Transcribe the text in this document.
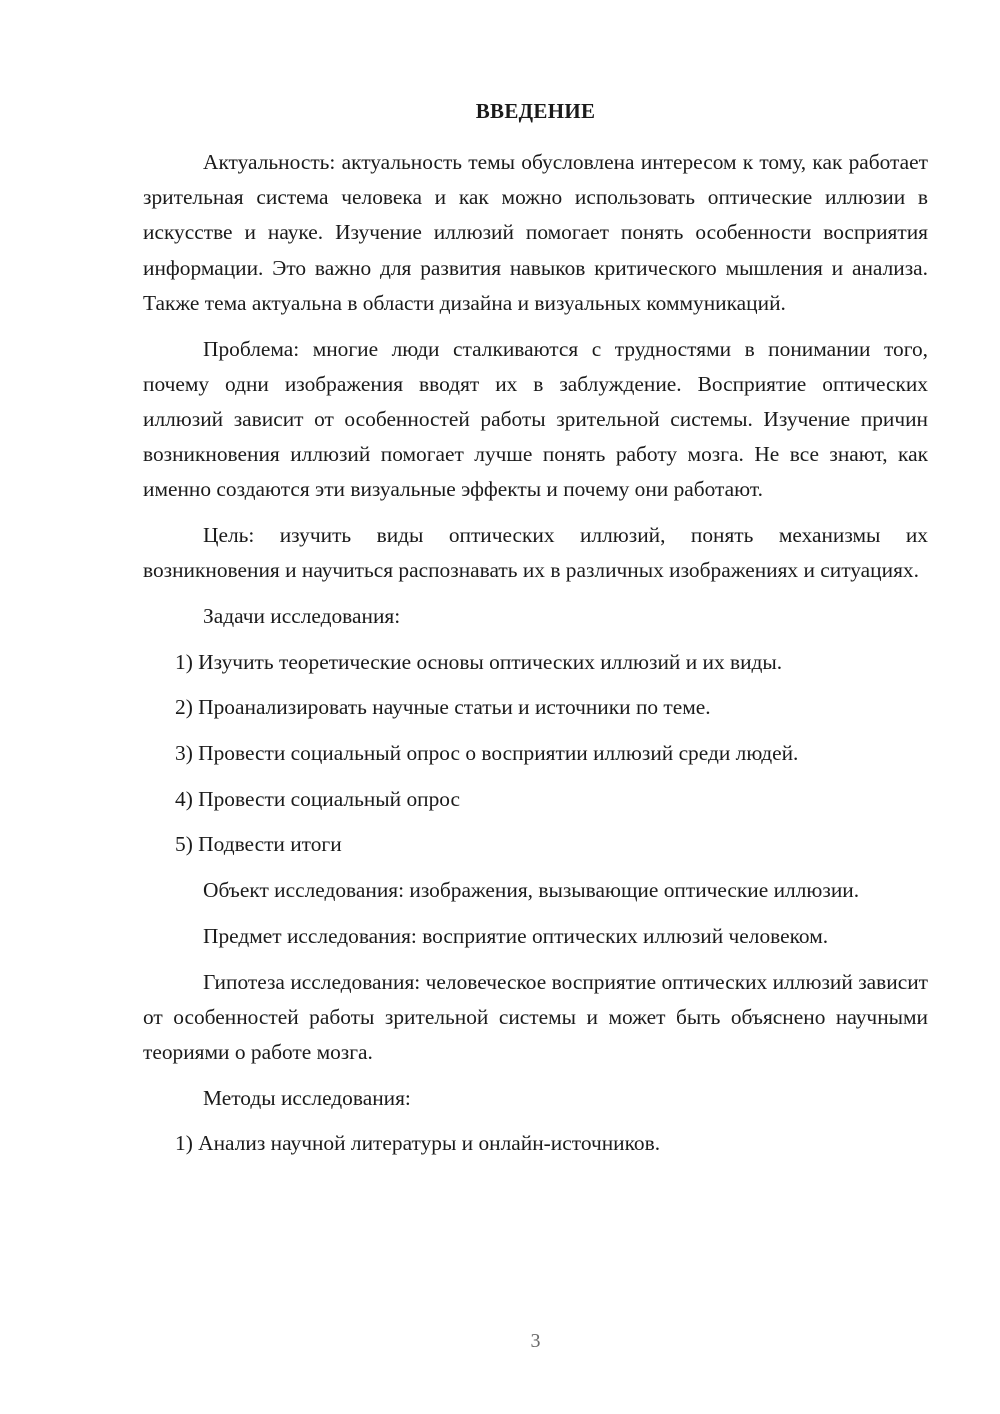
ВВЕДЕНИЕ

Актуальность: актуальность темы обусловлена интересом к тому, как работает зрительная система человека и как можно использовать оптические иллюзии в искусстве и науке. Изучение иллюзий помогает понять особенности восприятия информации. Это важно для развития навыков критического мышления и анализа. Также тема актуальна в области дизайна и визуальных коммуникаций.

Проблема: многие люди сталкиваются с трудностями в понимании того, почему одни изображения вводят их в заблуждение. Восприятие оптических иллюзий зависит от особенностей работы зрительной системы. Изучение причин возникновения иллюзий помогает лучше понять работу мозга. Не все знают, как именно создаются эти визуальные эффекты и почему они работают.

Цель: изучить виды оптических иллюзий, понять механизмы их возникновения и научиться распознавать их в различных изображениях и ситуациях.

Задачи исследования:

1) Изучить теоретические основы оптических иллюзий и их виды.

2) Проанализировать научные статьи и источники по теме.

3) Провести социальный опрос о восприятии иллюзий среди людей.

4) Провести социальный опрос

5) Подвести итоги

Объект исследования: изображения, вызывающие оптические иллюзии.

Предмет исследования: восприятие оптических иллюзий человеком.

Гипотеза исследования: человеческое восприятие оптических иллюзий зависит от особенностей работы зрительной системы и может быть объяснено научными теориями о работе мозга.

Методы исследования:

1) Анализ научной литературы и онлайн-источников.

3
